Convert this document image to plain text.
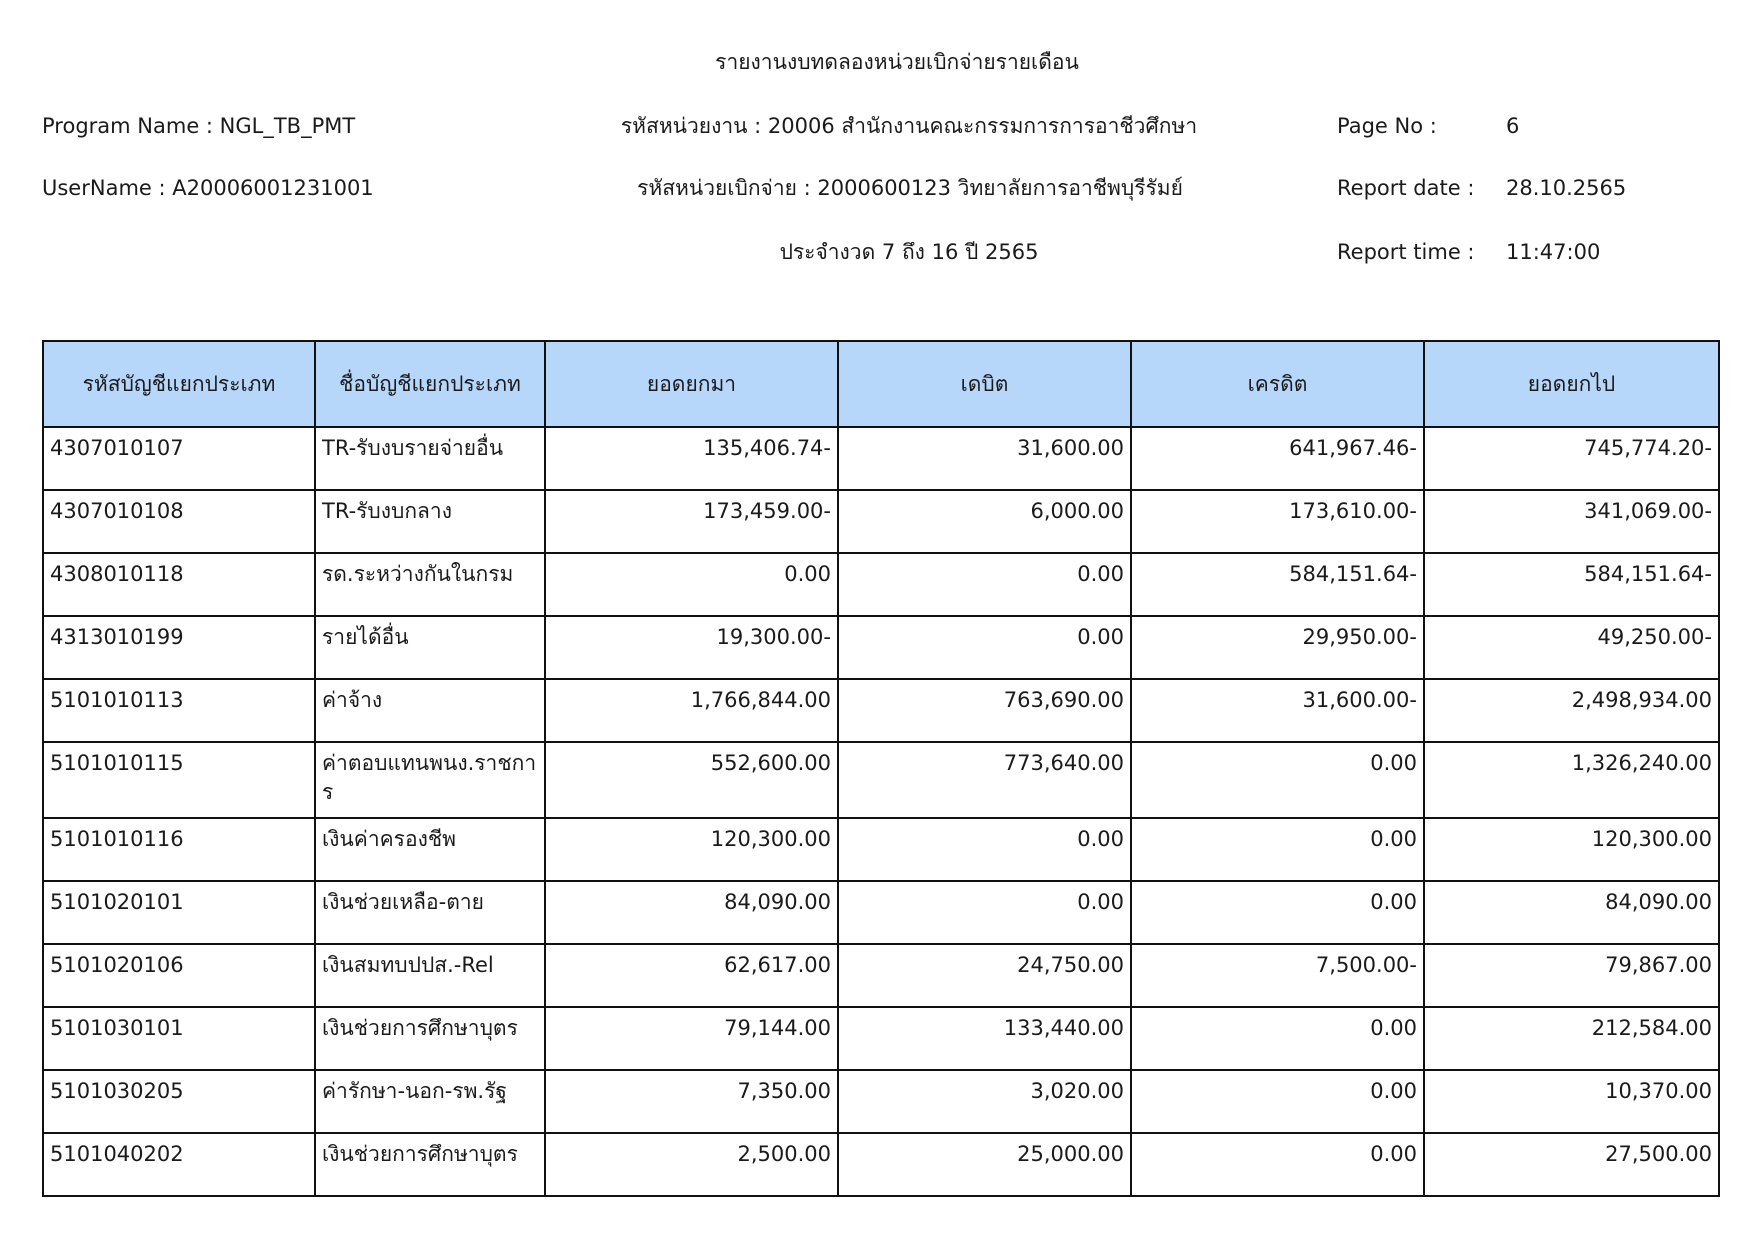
รายงานงบทดลองหน่วยเบิกจ่ายรายเดือน
Program Name : NGL_TB_PMT	รหัสหน่วยงาน : 20006 สำนักงานคณะกรรมการการอาชีวศึกษา	Page No :	6
UserName : A20006001231001	รหัสหน่วยเบิกจ่าย : 2000600123 วิทยาลัยการอาชีพบุรีรัมย์	Report date : 28.10.2565
ประจำงวด 7 ถึง 16 ปี 2565	Report time : 11:47:00
รหัสบัญชีแยกประเภท	ชื่อบัญชีแยกประเภท	ยอดยกมา	เดบิต	เครดิต	ยอดยกไป
4307010107	TR-รับงบรายจ่ายอื่น	135,406.74-	31,600.00	641,967.46-	745,774.20-
4307010108	TR-รับงบกลาง	173,459.00-	6,000.00	173,610.00-	341,069.00-
4308010118	รด.ระหว่างกันในกรม	0.00	0.00	584,151.64-	584,151.64-
4313010199	รายได้อื่น	19,300.00-	0.00	29,950.00-	49,250.00-
5101010113	ค่าจ้าง	1,766,844.00	763,690.00	31,600.00-	2,498,934.00
5101010115	ค่าตอบแทนพนง.ราชการ	552,600.00	773,640.00	0.00	1,326,240.00
5101010116	เงินค่าครองชีพ	120,300.00	0.00	0.00	120,300.00
5101020101	เงินช่วยเหลือ-ตาย	84,090.00	0.00	0.00	84,090.00
5101020106	เงินสมทบปปส.-Rel	62,617.00	24,750.00	7,500.00-	79,867.00
5101030101	เงินช่วยการศึกษาบุตร	79,144.00	133,440.00	0.00	212,584.00
5101030205	ค่ารักษา-นอก-รพ.รัฐ	7,350.00	3,020.00	0.00	10,370.00
5101040202	เงินช่วยการศึกษาบุตร	2,500.00	25,000.00	0.00	27,500.00
